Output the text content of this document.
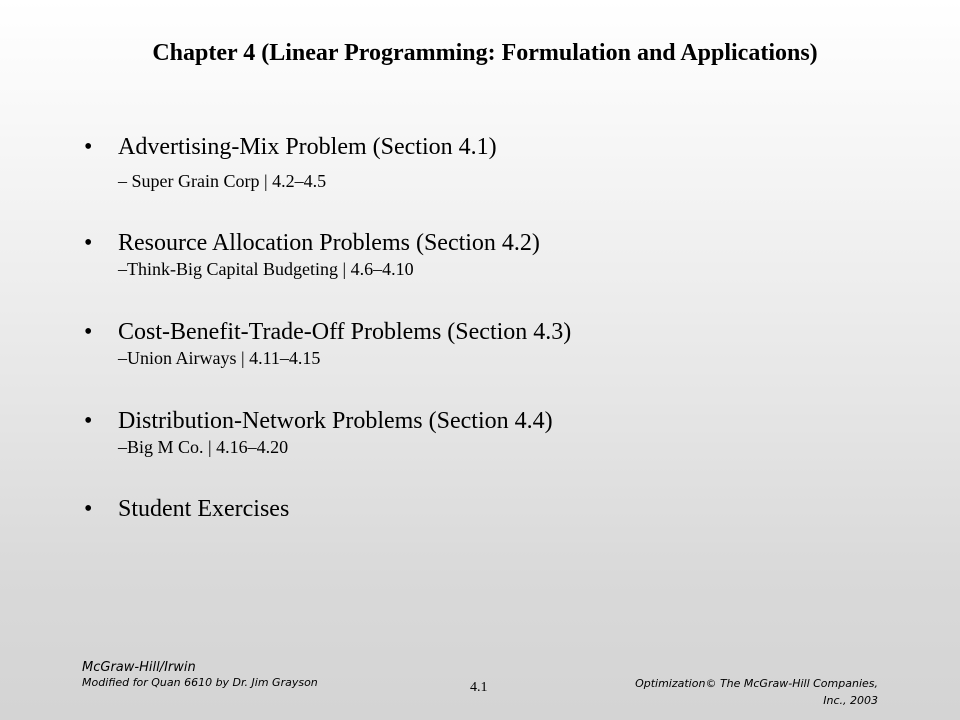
Chapter 4 (Linear Programming: Formulation and Applications)
• Advertising-Mix Problem (Section 4.1)
– Super Grain Corp | 4.2–4.5
• Resource Allocation Problems (Section 4.2)
–Think-Big Capital Budgeting | 4.6–4.10
• Cost-Benefit-Trade-Off Problems (Section 4.3)
–Union Airways | 4.11–4.15
• Distribution-Network Problems (Section 4.4)
–Big M Co. | 4.16–4.20
• Student Exercises
McGraw-Hill/Irwin
Modified for Quan 6610 by Dr. Jim Grayson	4.1	Optimization© The McGraw-Hill Companies,
Inc., 2003
